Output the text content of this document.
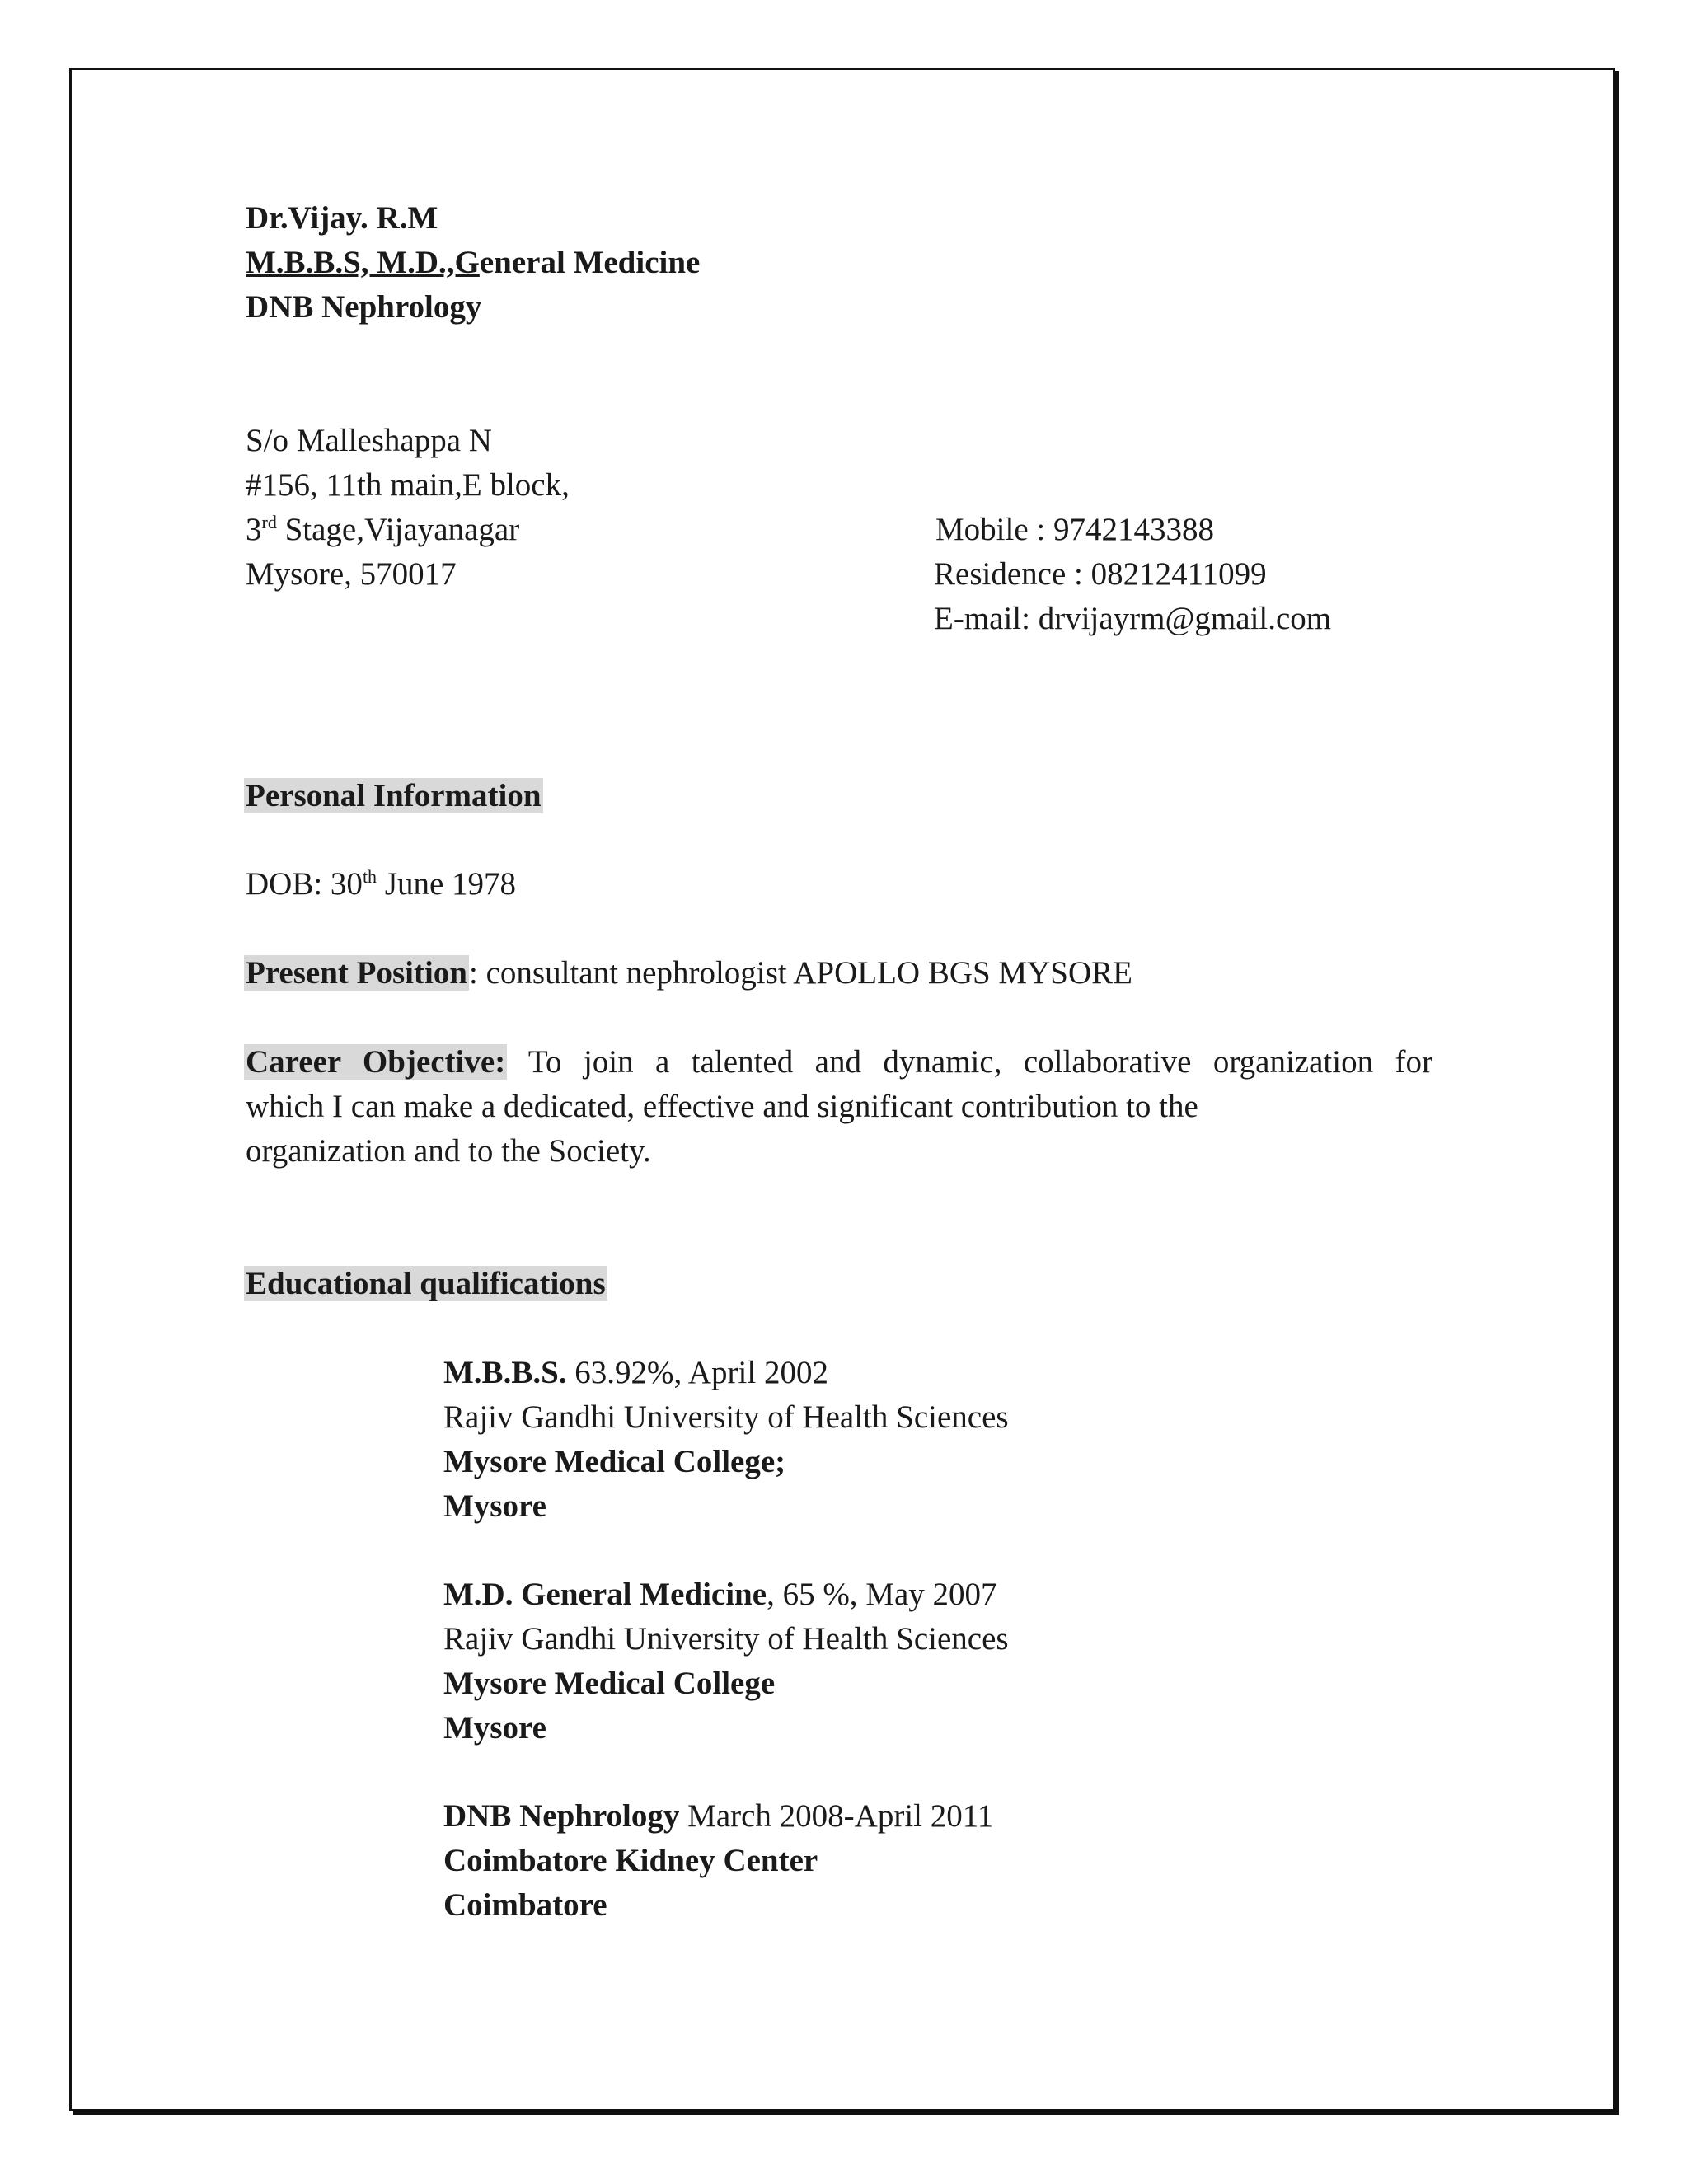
Dr.Vijay. R.M
M.B.B.S, M.D.,General Medicine
DNB Nephrology
S/o Malleshappa N
#156, 11th main,E block,
3rd Stage,Vijayanagar
Mysore, 570017
Mobile : 9742143388
Residence : 08212411099
E-mail: drvijayrm@gmail.com
Personal Information
DOB: 30th June 1978
Present Position: consultant nephrologist APOLLO BGS MYSORE
Career Objective: To join a talented and dynamic, collaborative organization for
which I can make a dedicated, effective and significant contribution to the
organization and to the Society.
Educational qualifications
M.B.B.S. 63.92%, April 2002
Rajiv Gandhi University of Health Sciences
Mysore Medical College;
Mysore
M.D. General Medicine, 65 %, May 2007
Rajiv Gandhi University of Health Sciences
Mysore Medical College
Mysore
DNB Nephrology March 2008-April 2011
Coimbatore Kidney Center
Coimbatore
